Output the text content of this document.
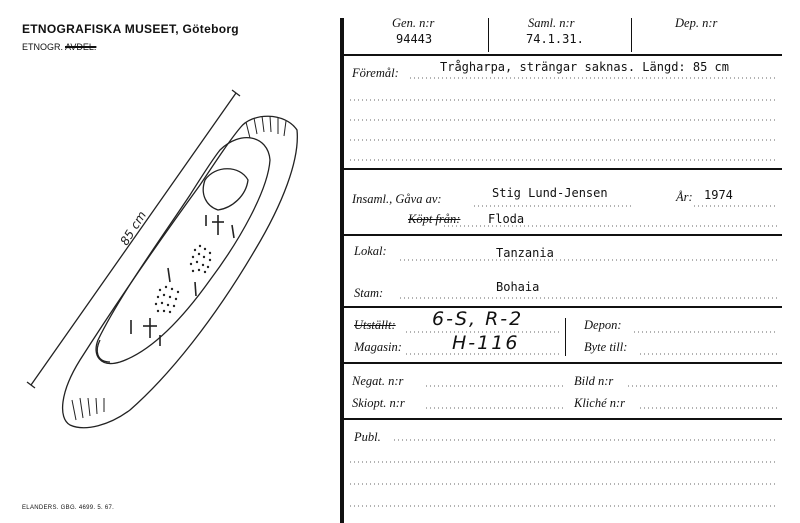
ETNOGRAFISKA MUSEET, Göteborg
ETNOGR. AVDEL.
85 cm
ELANDERS. GBG. 4699. 5. 67.
Gen. n:r
94443
Saml. n:r
74.1.31.
Dep. n:r
Föremål:	Trågharpa, strängar saknas. Längd: 85 cm
Insaml., Gåva av:	Stig Lund-Jensen	År: 1974
Köpt från: Floda
Lokal:	Tanzania
Stam:	Bohaia
Utställt: 6-S, R-2
Magasin:	H-116
Depon:
Byte till:
Negat. n:r	Bild n:r
Skiopt. n:r	Kliché n:r
Publ.
